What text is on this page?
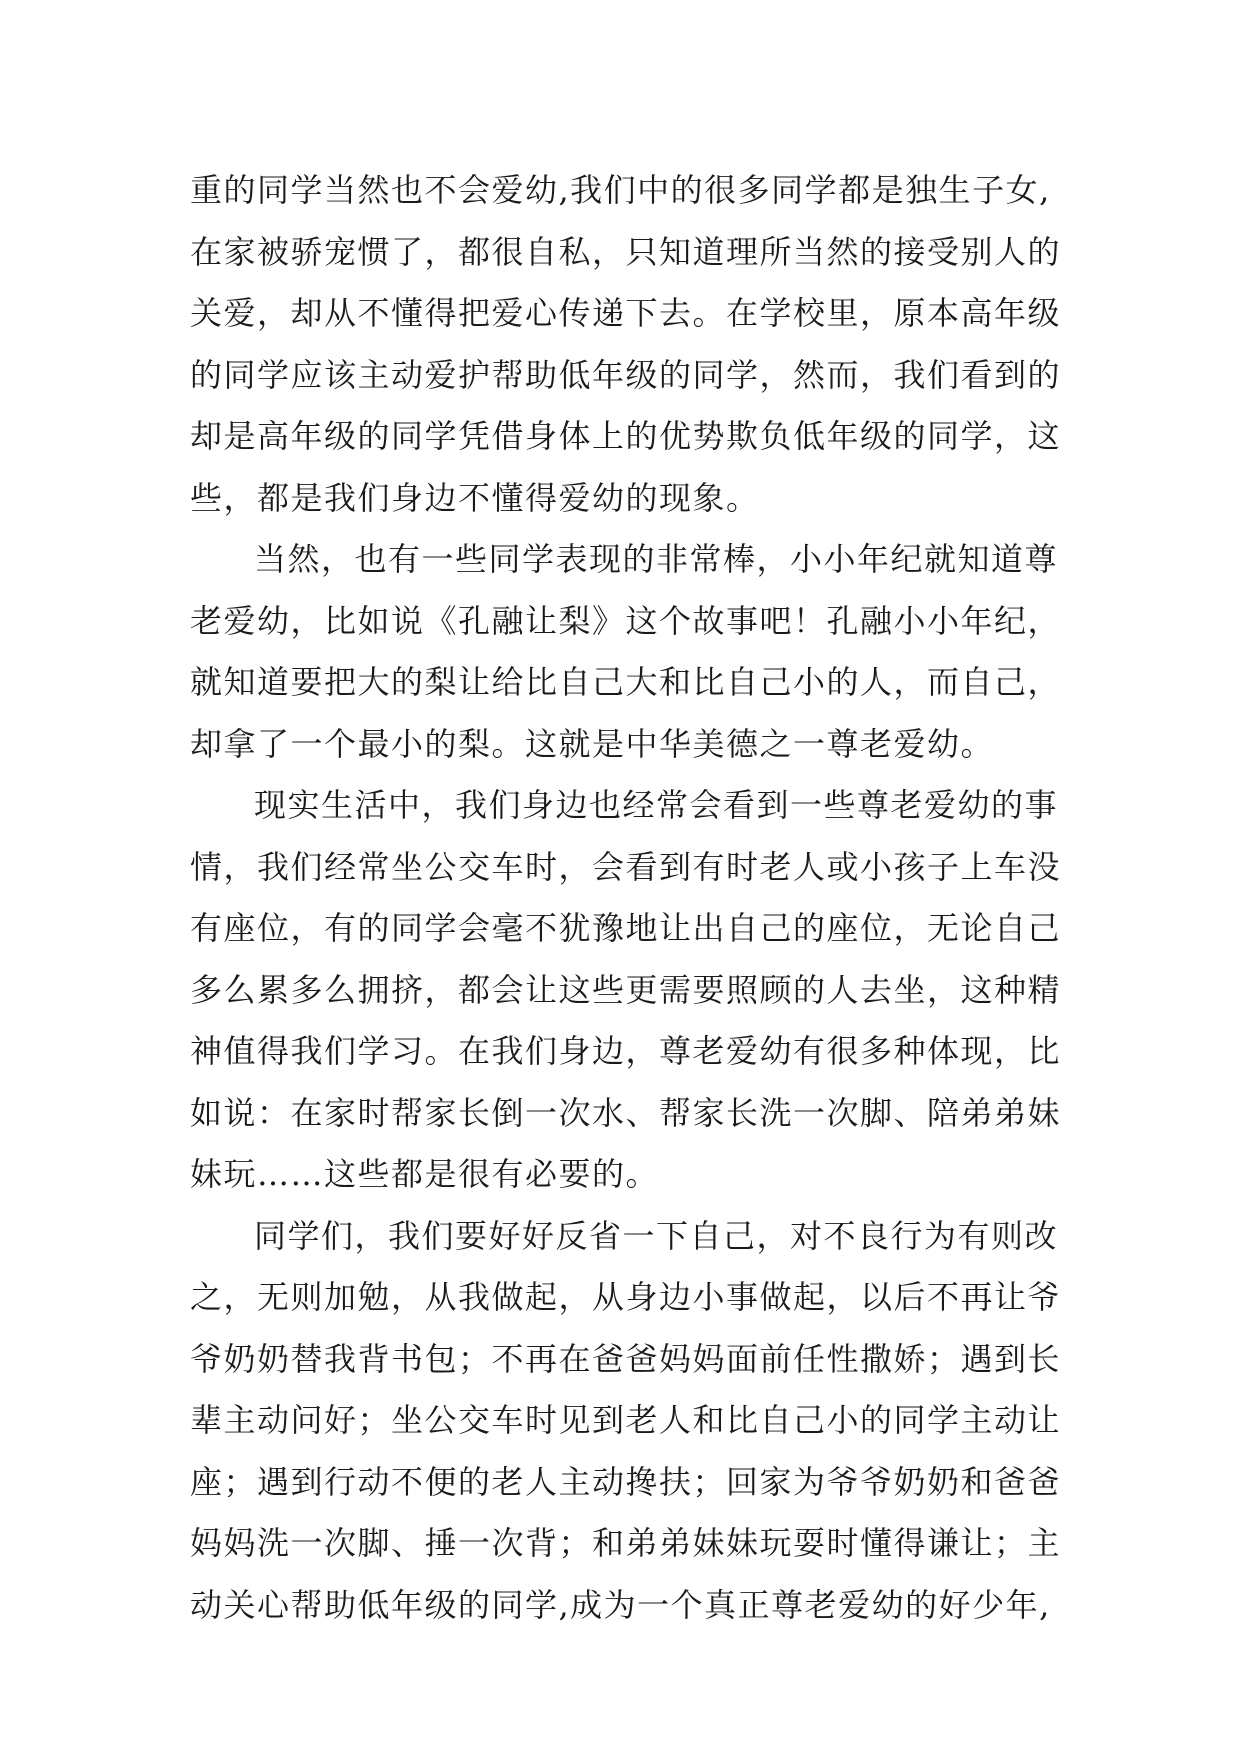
重的同学当然也不会爱幼,我们中的很多同学都是独生子女,
在家被骄宠惯了，都很自私，只知道理所当然的接受别人的
关爱，却从不懂得把爱心传递下去。在学校里，原本高年级
的同学应该主动爱护帮助低年级的同学，然而，我们看到的
却是高年级的同学凭借身体上的优势欺负低年级的同学，这
些，都是我们身边不懂得爱幼的现象。
当然，也有一些同学表现的非常棒，小小年纪就知道尊
老爱幼，比如说《孔融让梨》这个故事吧！孔融小小年纪，
就知道要把大的梨让给比自己大和比自己小的人，而自己，
却拿了一个最小的梨。这就是中华美德之一尊老爱幼。
现实生活中，我们身边也经常会看到一些尊老爱幼的事
情，我们经常坐公交车时，会看到有时老人或小孩子上车没
有座位，有的同学会毫不犹豫地让出自己的座位，无论自己
多么累多么拥挤，都会让这些更需要照顾的人去坐，这种精
神值得我们学习。在我们身边，尊老爱幼有很多种体现，比
如说：在家时帮家长倒一次水、帮家长洗一次脚、陪弟弟妹
妹玩……这些都是很有必要的。
同学们，我们要好好反省一下自己，对不良行为有则改
之，无则加勉，从我做起，从身边小事做起，以后不再让爷
爷奶奶替我背书包；不再在爸爸妈妈面前任性撒娇；遇到长
辈主动问好；坐公交车时见到老人和比自己小的同学主动让
座；遇到行动不便的老人主动搀扶；回家为爷爷奶奶和爸爸
妈妈洗一次脚、捶一次背；和弟弟妹妹玩耍时懂得谦让；主
动关心帮助低年级的同学,成为一个真正尊老爱幼的好少年,
